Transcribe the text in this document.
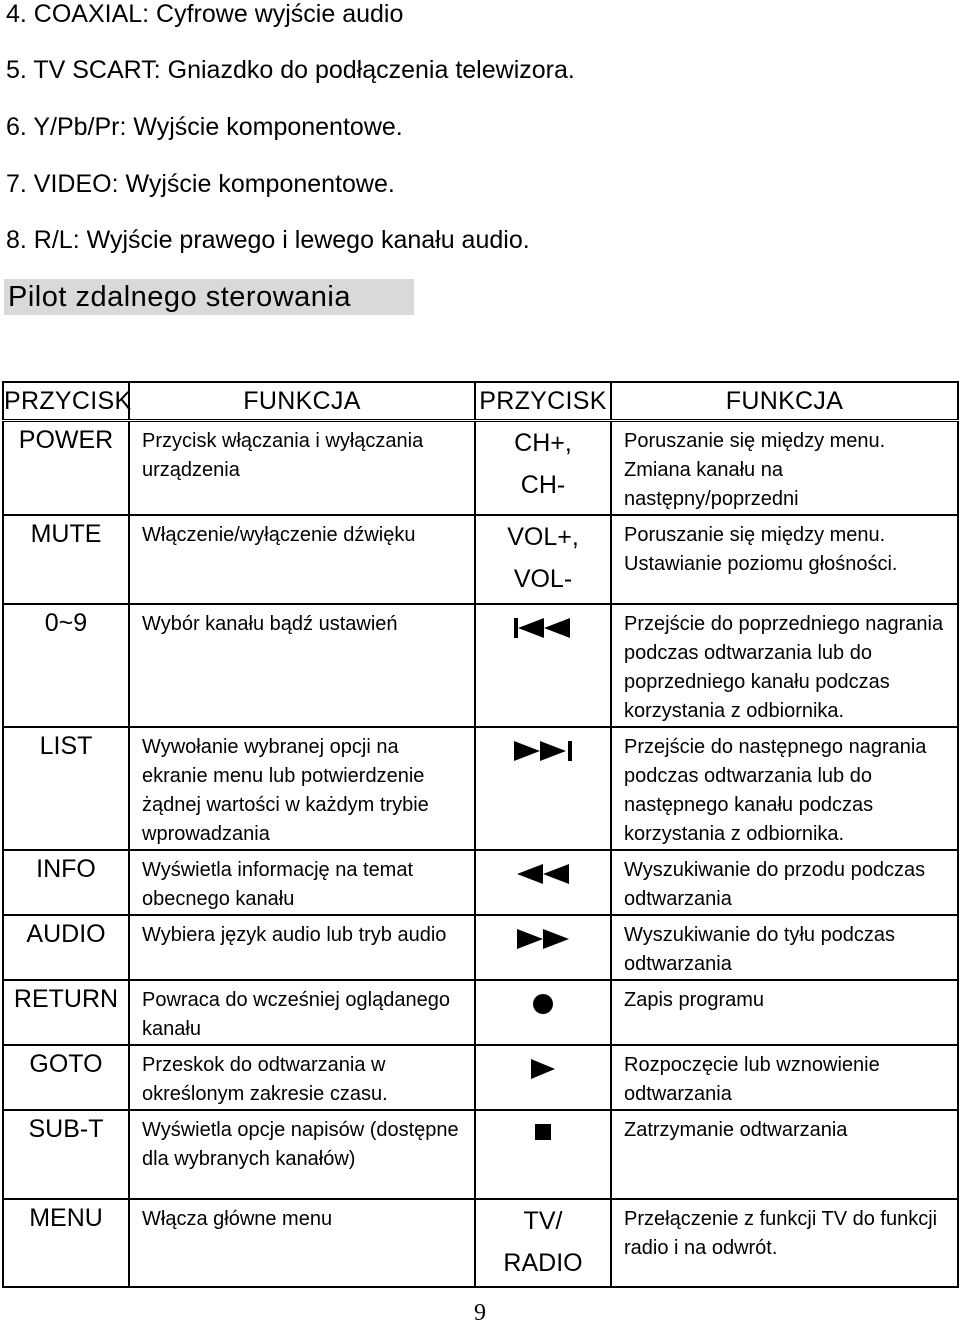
4. COAXIAL: Cyfrowe wyjście audio
5. TV SCART: Gniazdko do podłączenia telewizora.
6. Y/Pb/Pr: Wyjście komponentowe.
7. VIDEO: Wyjście komponentowe.
8. R/L: Wyjście prawego i lewego kanału audio.
Pilot zdalnego sterowania
PRZYCISK	FUNKCJA	PRZYCISK	FUNKCJA
POWER	Przycisk włączania i wyłączania urządzenia	CH+, CH-	Poruszanie się między menu. Zmiana kanału na następny/poprzedni

MUTE	Włączenie/wyłączenie dźwięku	VOL+, VOL-	Poruszanie się między menu. Ustawianie poziomu głośności.

0~9	Wybór kanału bądź ustawień		Przejście do poprzedniego nagrania podczas odtwarzania lub do poprzedniego kanału podczas korzystania z odbiornika.

LIST	Wywołanie wybranej opcji na ekranie menu lub potwierdzenie żądnej wartości w każdym trybie wprowadzania		Przejście do następnego nagrania podczas odtwarzania lub do następnego kanału podczas korzystania z odbiornika.

INFO	Wyświetla informację na temat obecnego kanału		Wyszukiwanie do przodu podczas odtwarzania

AUDIO	Wybiera język audio lub tryb audio		Wyszukiwanie do tyłu podczas odtwarzania

RETURN	Powraca do wcześniej oglądanego kanału		Zapis programu

GOTO	Przeskok do odtwarzania w określonym zakresie czasu.		Rozpoczęcie lub wznowienie odtwarzania

SUB-T	Wyświetla opcje napisów (dostępne dla wybranych kanałów)		Zatrzymanie odtwarzania

MENU	Włącza główne menu	TV/ RADIO	Przełączenie z funkcji TV do funkcji radio i na odwrót.
9
